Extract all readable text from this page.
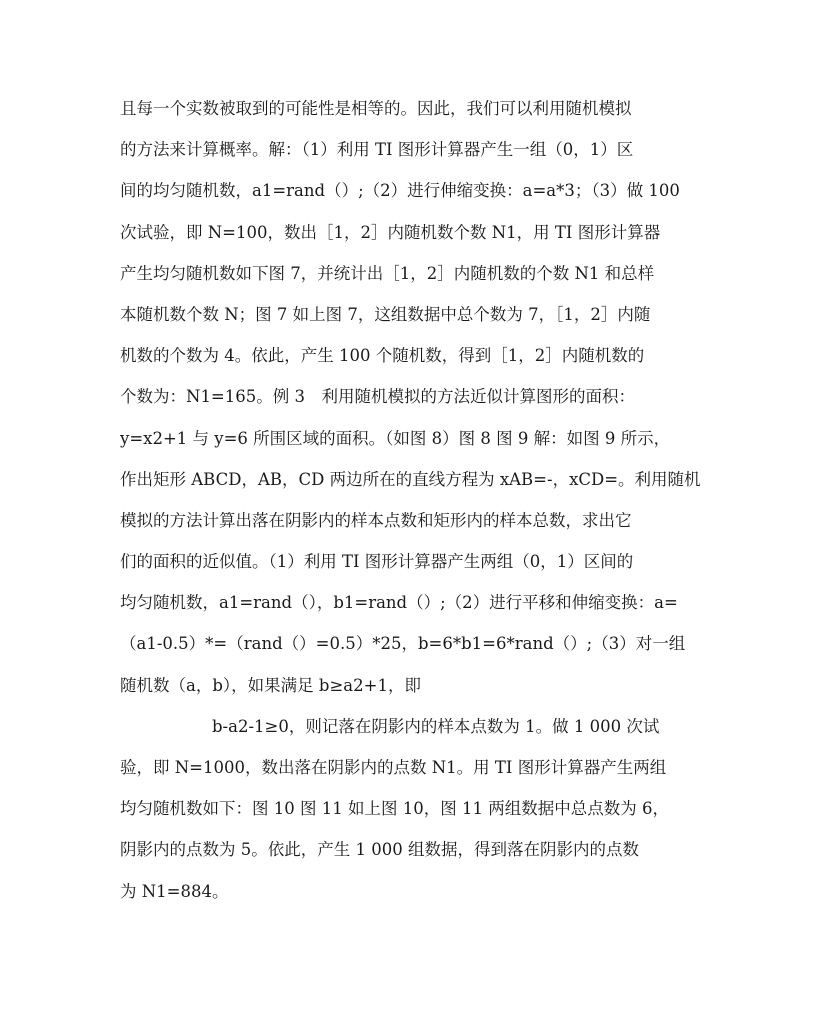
且每一个实数被取到的可能性是相等的。因此，我们可以利用随机模拟
的方法来计算概率。解：（1）利用 TI 图形计算器产生一组（0，1）区
间的均匀随机数，a1=rand（）;（2）进行伸缩变换：a=a*3；（3）做 100
次试验，即 N=100，数出［1，2］内随机数个数 N1，用 TI 图形计算器
产生均匀随机数如下图 7，并统计出［1，2］内随机数的个数 N1 和总样
本随机数个数 N；图 7 如上图 7，这组数据中总个数为 7，［1，2］内随
机数的个数为 4。依此，产生 100 个随机数，得到［1，2］内随机数的
个数为：N1=165。例 3　利用随机模拟的方法近似计算图形的面积：
y=x2+1 与 y=6 所围区域的面积。（如图 8）图 8 图 9 解：如图 9 所示，
作出矩形 ABCD，AB，CD 两边所在的直线方程为 xAB=-，xCD=。利用随机
模拟的方法计算出落在阴影内的样本点数和矩形内的样本总数，求出它
们的面积的近似值。（1）利用 TI 图形计算器产生两组（0，1）区间的
均匀随机数，a1=rand（），b1=rand（）;（2）进行平移和伸缩变换：a=
（a1-0.5）*=（rand（）=0.5）*25，b=6*b1=6*rand（）;（3）对一组
随机数（a，b），如果满足 b≥a2+1，即
b-a2-1≥0，则记落在阴影内的样本点数为 1。做 1 000 次试
验，即 N=1000，数出落在阴影内的点数 N1。用 TI 图形计算器产生两组
均匀随机数如下：图 10 图 11 如上图 10，图 11 两组数据中总点数为 6，
阴影内的点数为 5。依此，产生 1 000 组数据，得到落在阴影内的点数
为 N1=884。
